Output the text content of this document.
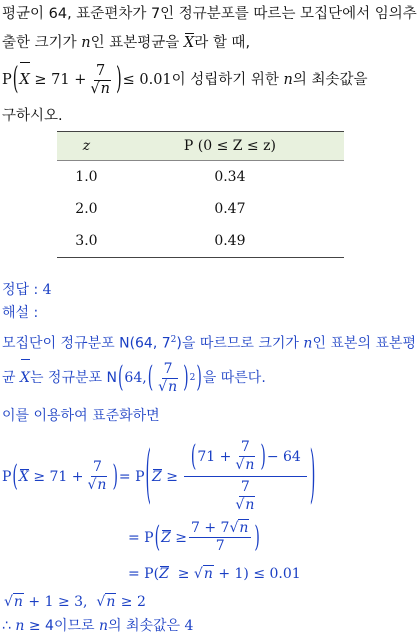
평균이 64, 표준편차가 7인 정규분포를 따르는 모집단에서 임의추
출한 크기가 n인 표본평균을 X라 할 때,
P ( X
≥ $71 + \frac{7}{√n}$ ) ≤ 0.01 이 성립하기 위한
n 의 최솟값을
구하시오.
z	P (0 ≤ Z ≤ z)
1.0	0.34
2.0	0.47
3.0	0.49
정답 : 4
해설 :
모집단이 정규분포 N(64, $7^2$)을 따르므로 크기가 n인 표본의 표본평
균
X 는 정규분포 N ( 64, ( $\frac{7}{√n}$ ) 2 ) 을 따른다.
이를 이용하여 표준화하면
P ( X
≥ $71 + \frac{7}{√n}$ ) = P ( Z
≥
( $71 + \frac{7}{√n}$ ) − 64
$\frac{7}{√n}$	)
= P ( Z
≥ $\frac{7 + 7√n}{7}$ )
= P(Z ≥ √n + 1) ≤ 0.01
√n + 1 ≥ 3, √n ≥ 2
∴ n ≥ 4이므로 n의 최솟값은 4
